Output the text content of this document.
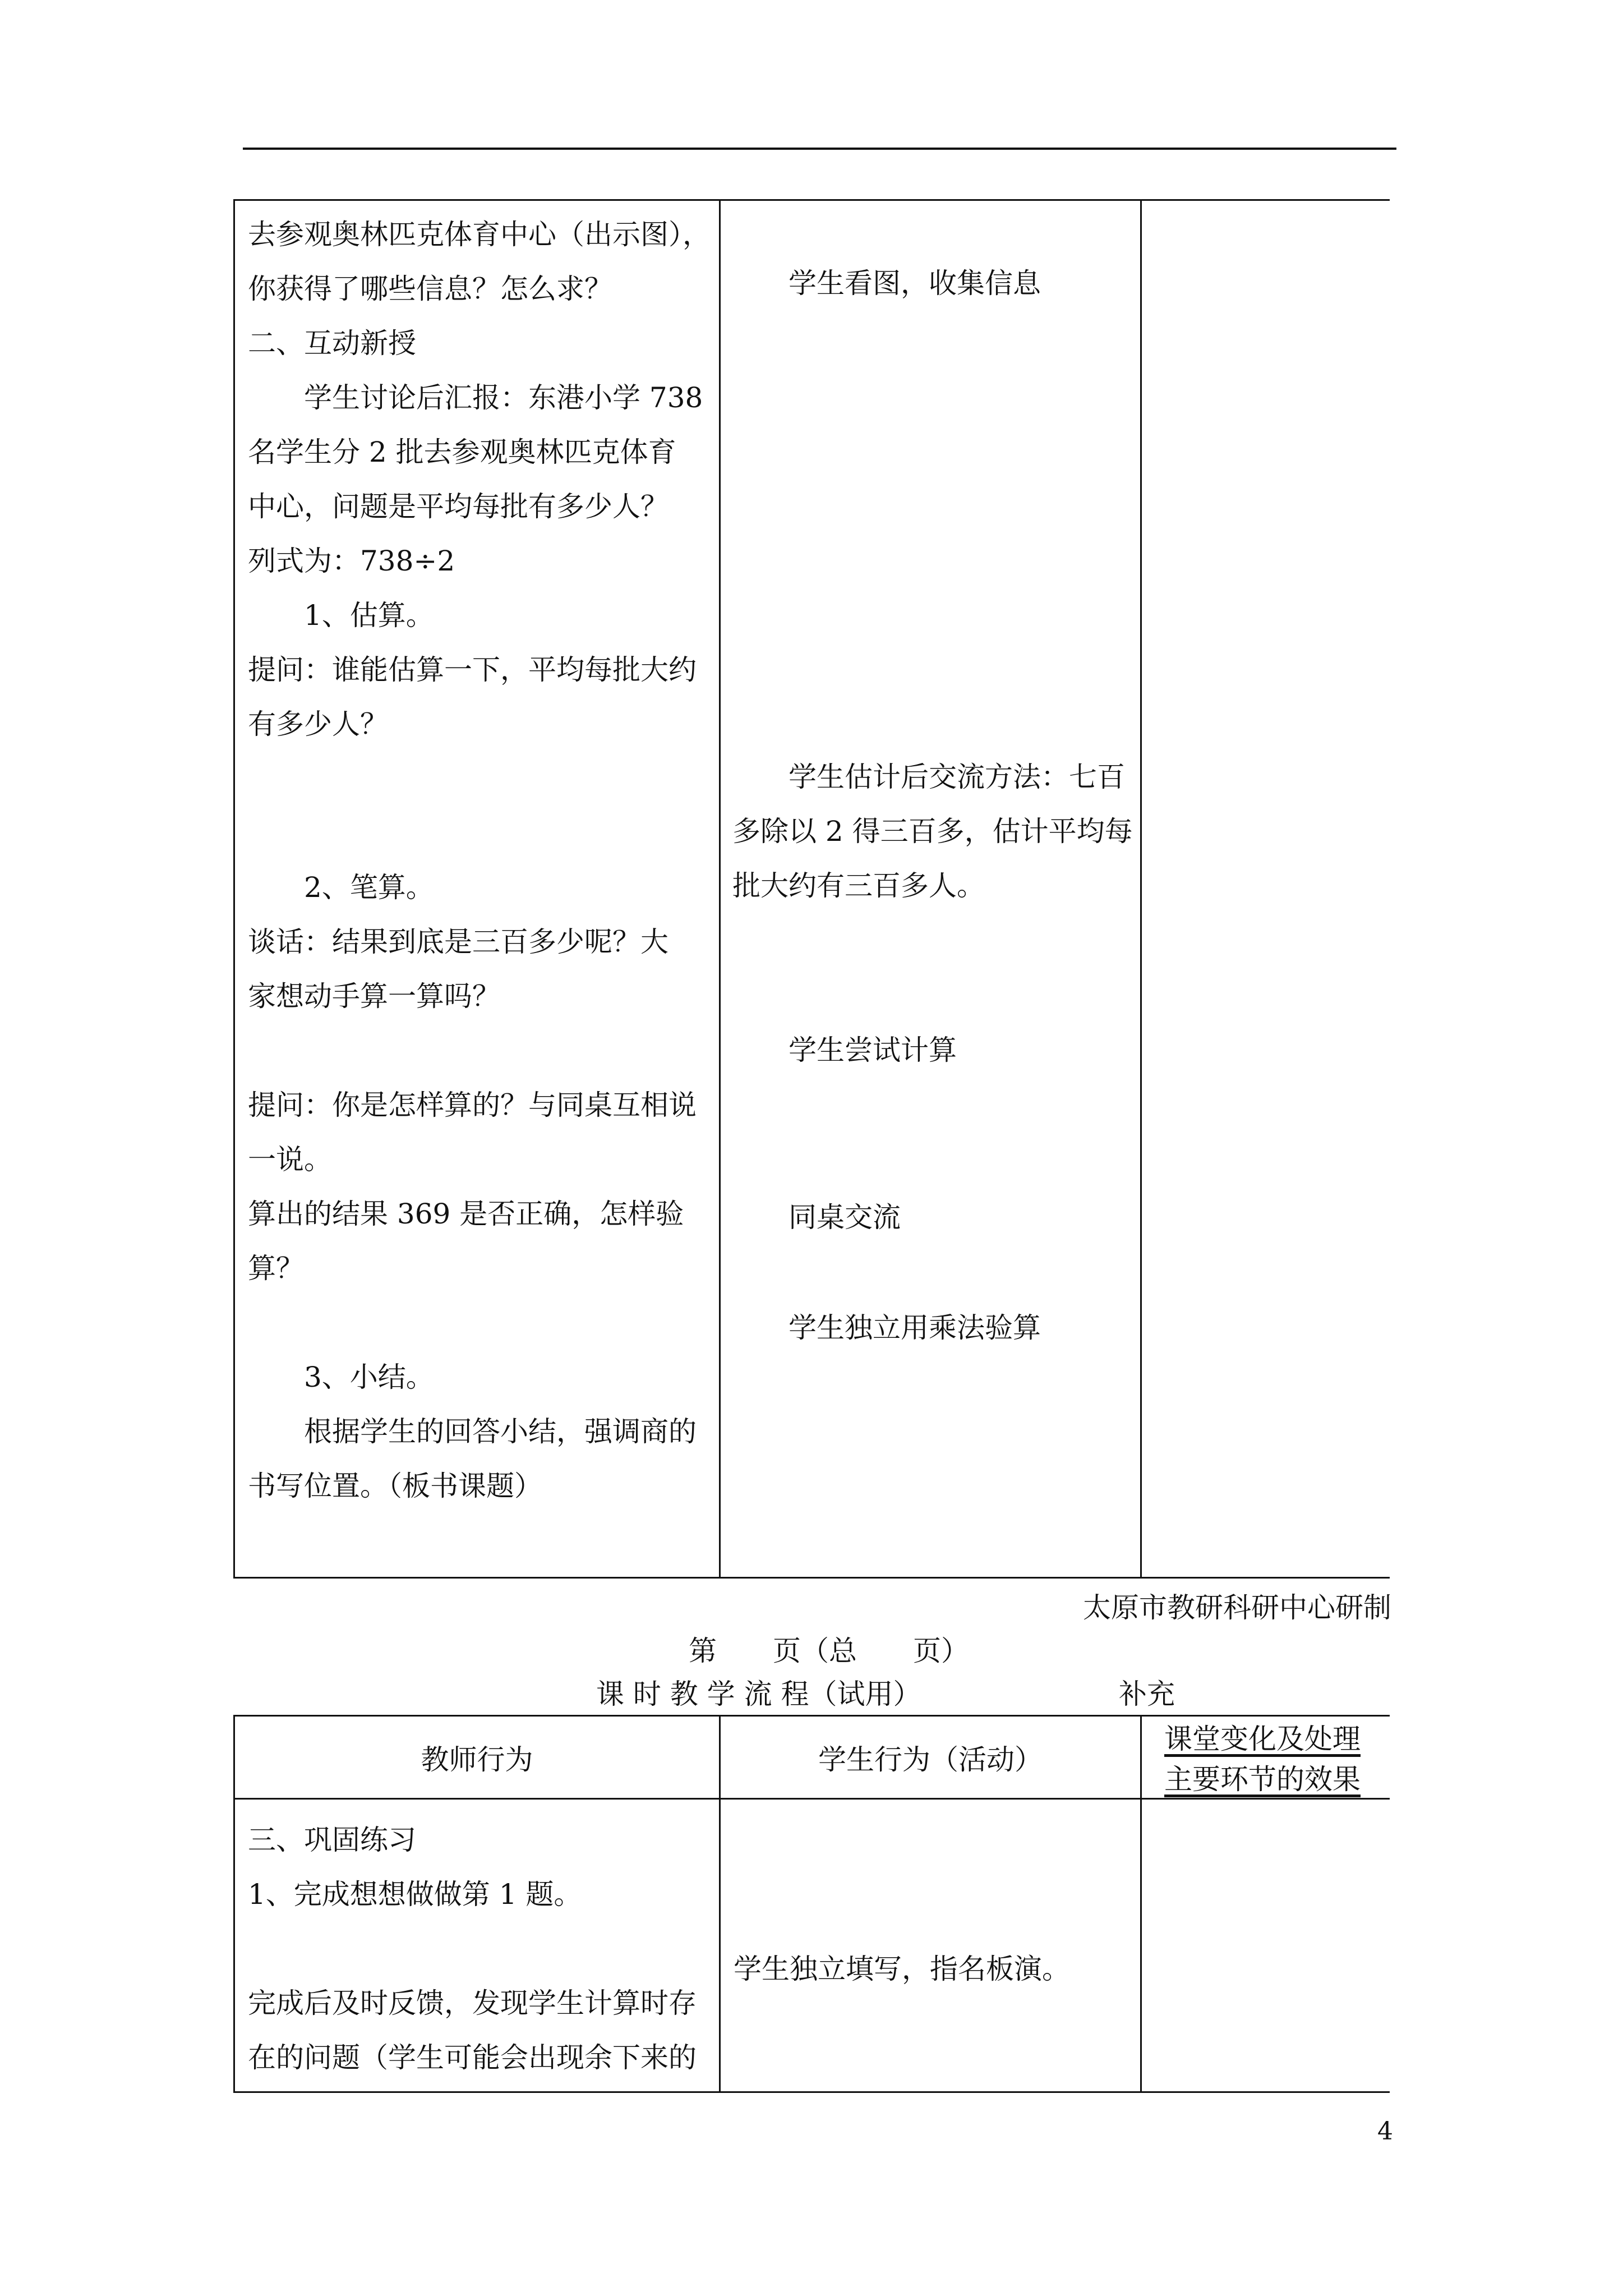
去参观奥林匹克体育中心（出示图），
你获得了哪些信息？怎么求？
二、互动新授
　　学生讨论后汇报：东港小学 738
名学生分 2 批去参观奥林匹克体育
中心，问题是平均每批有多少人？
列式为：738÷2
　　1、估算。
提问：谁能估算一下，平均每批大约
有多少人？
　　2、笔算。
谈话：结果到底是三百多少呢？大
家想动手算一算吗？
提问：你是怎样算的？与同桌互相说
一说。
算出的结果 369 是否正确，怎样验
算？
　　3、小结。
　　根据学生的回答小结，强调商的
书写位置。（板书课题）
　　学生看图，收集信息
　　学生估计后交流方法：七百
多除以 2 得三百多，估计平均每
批大约有三百多人。
　　学生尝试计算
　　同桌交流
　　学生独立用乘法验算
太原市教研科研中心研制
第　　页（总　　页）
课 时 教 学 流 程（试用）	补充
教师行为	学生行为（活动）
课堂变化及处理
主要环节的效果
三、巩固练习
1、完成想想做做第 1 题。
完成后及时反馈，发现学生计算时存
在的问题（学生可能会出现余下来的
学生独立填写，指名板演。
4
